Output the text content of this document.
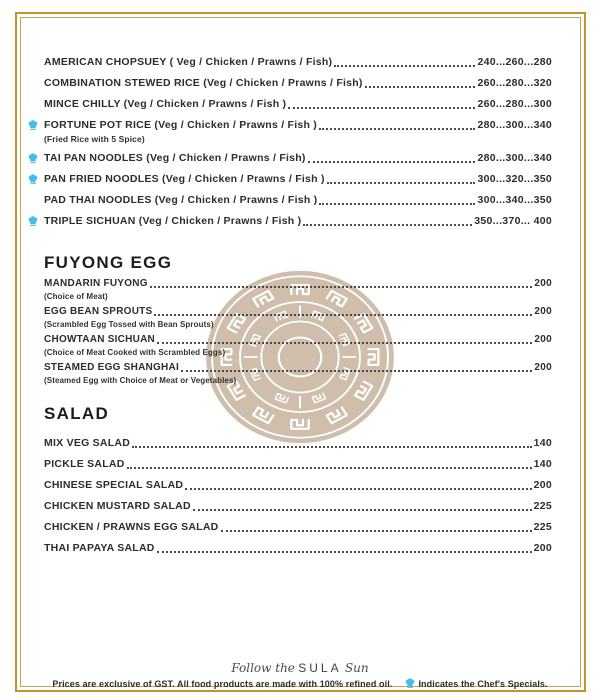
AMERICAN CHOPSUEY ( Veg / Chicken / Prawns / Fish)	240...260...280
COMBINATION STEWED RICE (Veg / Chicken / Prawns / Fish)	260...280...320
MINCE CHILLY (Veg / Chicken / Prawns / Fish )	260...280...300
FORTUNE POT RICE (Veg / Chicken / Prawns / Fish )	280...300...340
(Fried Rice with 5 Spice)
TAI PAN NOODLES (Veg / Chicken / Prawns / Fish)	280...300...340
PAN FRIED NOODLES (Veg / Chicken / Prawns / Fish )	300...320...350
PAD THAI NOODLES (Veg / Chicken / Prawns / Fish )	300...340...350
TRIPLE SICHUAN (Veg / Chicken / Prawns / Fish )	350...370... 400
FUYONG EGG
MANDARIN FUYONG	200
(Choice of Meat)
EGG BEAN SPROUTS	200
(Scrambled Egg Tossed with Bean Sprouts)
CHOWTAAN SICHUAN	200
(Choice of Meat Cooked with Scrambled Eggs)
STEAMED EGG SHANGHAI	200
(Steamed Egg with Choice of Meat or Vegetables)
SALAD
MIX VEG SALAD	140
PICKLE SALAD	140
CHINESE SPECIAL SALAD	200
CHICKEN MUSTARD SALAD	225
CHICKEN / PRAWNS EGG SALAD	225
THAI PAPAYA SALAD	200
Follow the SULA Sun
Prices are exclusive of GST. All food products are made with 100% refined oil.	Indicates the Chef's Specials.
